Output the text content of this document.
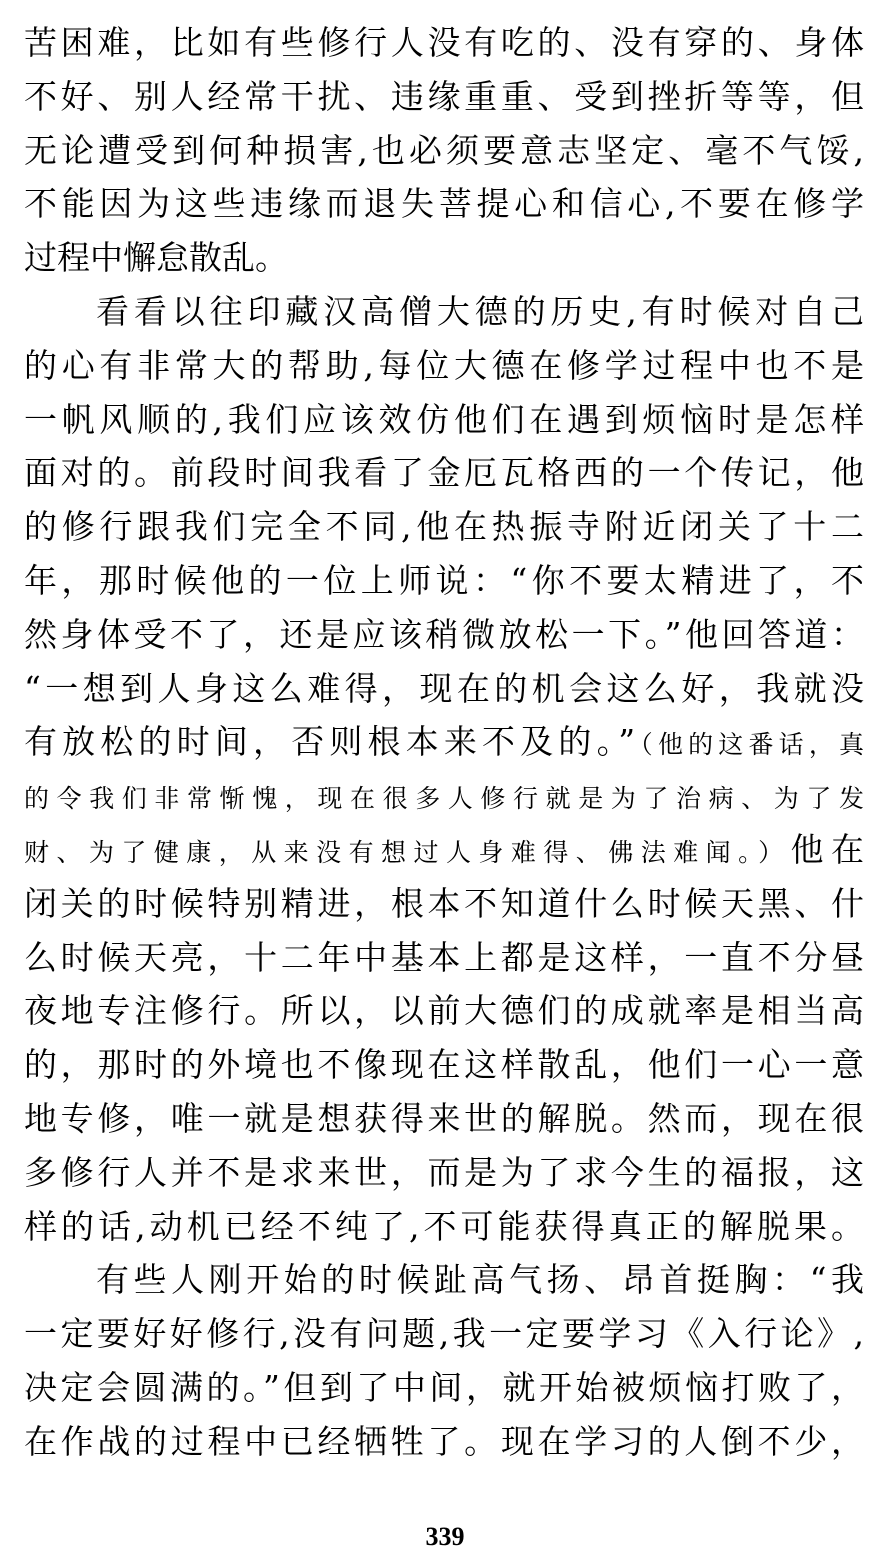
苦困难，比如有些修行人没有吃的、没有穿的、身体
不好、别人经常干扰、违缘重重、受到挫折等等，但
无论遭受到何种损害,也必须要意志坚定、毫不气馁,
不能因为这些违缘而退失菩提心和信心,不要在修学
过程中懈怠散乱。
看看以往印藏汉高僧大德的历史,有时候对自己
的心有非常大的帮助,每位大德在修学过程中也不是
一帆风顺的,我们应该效仿他们在遇到烦恼时是怎样
面对的。前段时间我看了金厄瓦格西的一个传记，他
的修行跟我们完全不同,他在热振寺附近闭关了十二
年，那时候他的一位上师说：“你不要太精进了，不
然身体受不了，还是应该稍微放松一下。”他回答道：
“一想到人身这么难得，现在的机会这么好，我就没
有放松的时间，否则根本来不及的。”（他的这番话，真
的令我们非常惭愧，现在很多人修行就是为了治病、为了发
财、为了健康，从来没有想过人身难得、佛法难闻。）他在
闭关的时候特别精进，根本不知道什么时候天黑、什
么时候天亮，十二年中基本上都是这样，一直不分昼
夜地专注修行。所以，以前大德们的成就率是相当高
的，那时的外境也不像现在这样散乱，他们一心一意
地专修，唯一就是想获得来世的解脱。然而，现在很
多修行人并不是求来世，而是为了求今生的福报，这
样的话,动机已经不纯了,不可能获得真正的解脱果。
有些人刚开始的时候趾高气扬、昂首挺胸：“我
一定要好好修行,没有问题,我一定要学习《入行论》,
决定会圆满的。”但到了中间，就开始被烦恼打败了，
在作战的过程中已经牺牲了。现在学习的人倒不少，
339
